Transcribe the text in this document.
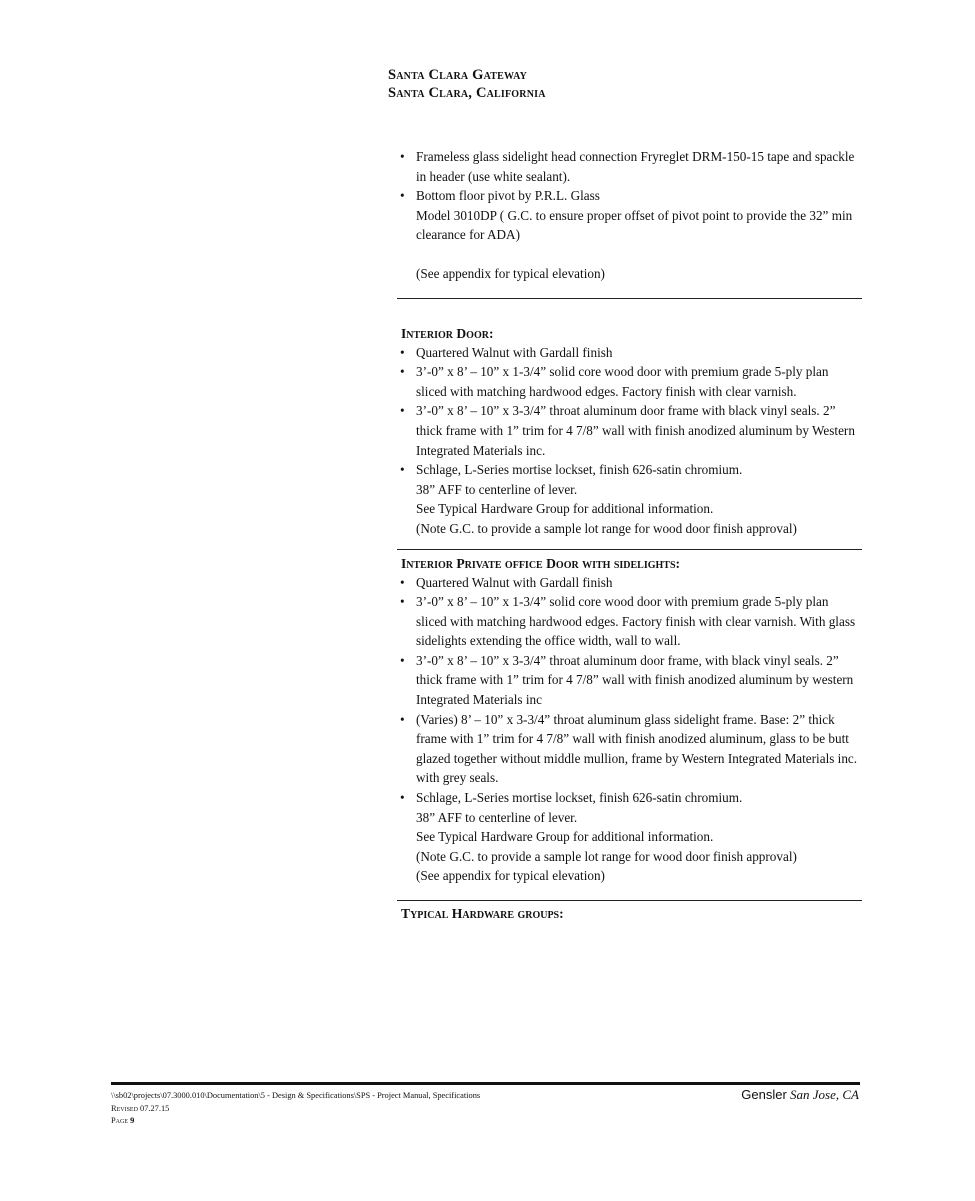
Santa Clara Gateway
Santa Clara, California
• Frameless glass sidelight head connection Fryreglet DRM-150-15 tape and spackle in header (use white sealant).
• Bottom floor pivot by P.R.L. Glass
Model 3010DP ( G.C. to ensure proper offset of pivot point to provide the 32” min clearance for ADA)
(See appendix for typical elevation)
Interior Door:
• Quartered Walnut with Gardall finish
• 3’-0” x 8’ – 10” x 1-3/4” solid core wood door with premium grade 5-ply plan sliced with matching hardwood edges. Factory finish with clear varnish.
• 3’-0” x 8’ – 10” x 3-3/4” throat aluminum door frame with black vinyl seals. 2” thick frame with 1” trim for 4 7/8” wall with finish anodized aluminum by Western Integrated Materials inc.
• Schlage, L-Series mortise lockset, finish 626-satin chromium.
38” AFF to centerline of lever.
See Typical Hardware Group for additional information.
(Note G.C. to provide a sample lot range for wood door finish approval)
Interior Private office Door with sidelights:
• Quartered Walnut with Gardall finish
• 3’-0” x 8’ – 10” x 1-3/4” solid core wood door with premium grade 5-ply plan sliced with matching hardwood edges. Factory finish with clear varnish. With glass sidelights extending the office width, wall to wall.
• 3’-0” x 8’ – 10” x 3-3/4” throat aluminum door frame, with black vinyl seals. 2” thick frame with 1” trim for 4 7/8” wall with finish anodized aluminum by western Integrated Materials inc
• (Varies) 8’ – 10” x 3-3/4” throat aluminum glass sidelight frame. Base: 2” thick frame with 1” trim for 4 7/8” wall with finish anodized aluminum, glass to be butt glazed together without middle mullion, frame by Western Integrated Materials inc. with grey seals.
• Schlage, L-Series mortise lockset, finish 626-satin chromium.
38” AFF to centerline of lever.
See Typical Hardware Group for additional information.
(Note G.C. to provide a sample lot range for wood door finish approval)
(See appendix for typical elevation)
Typical Hardware groups:
\\sb02\projects\07.3000.010\Documentation\5 - Design & Specifications\SPS - Project Manual, Specifications
Revised 07.27.15
Page 9
Gensler San Jose, CA
